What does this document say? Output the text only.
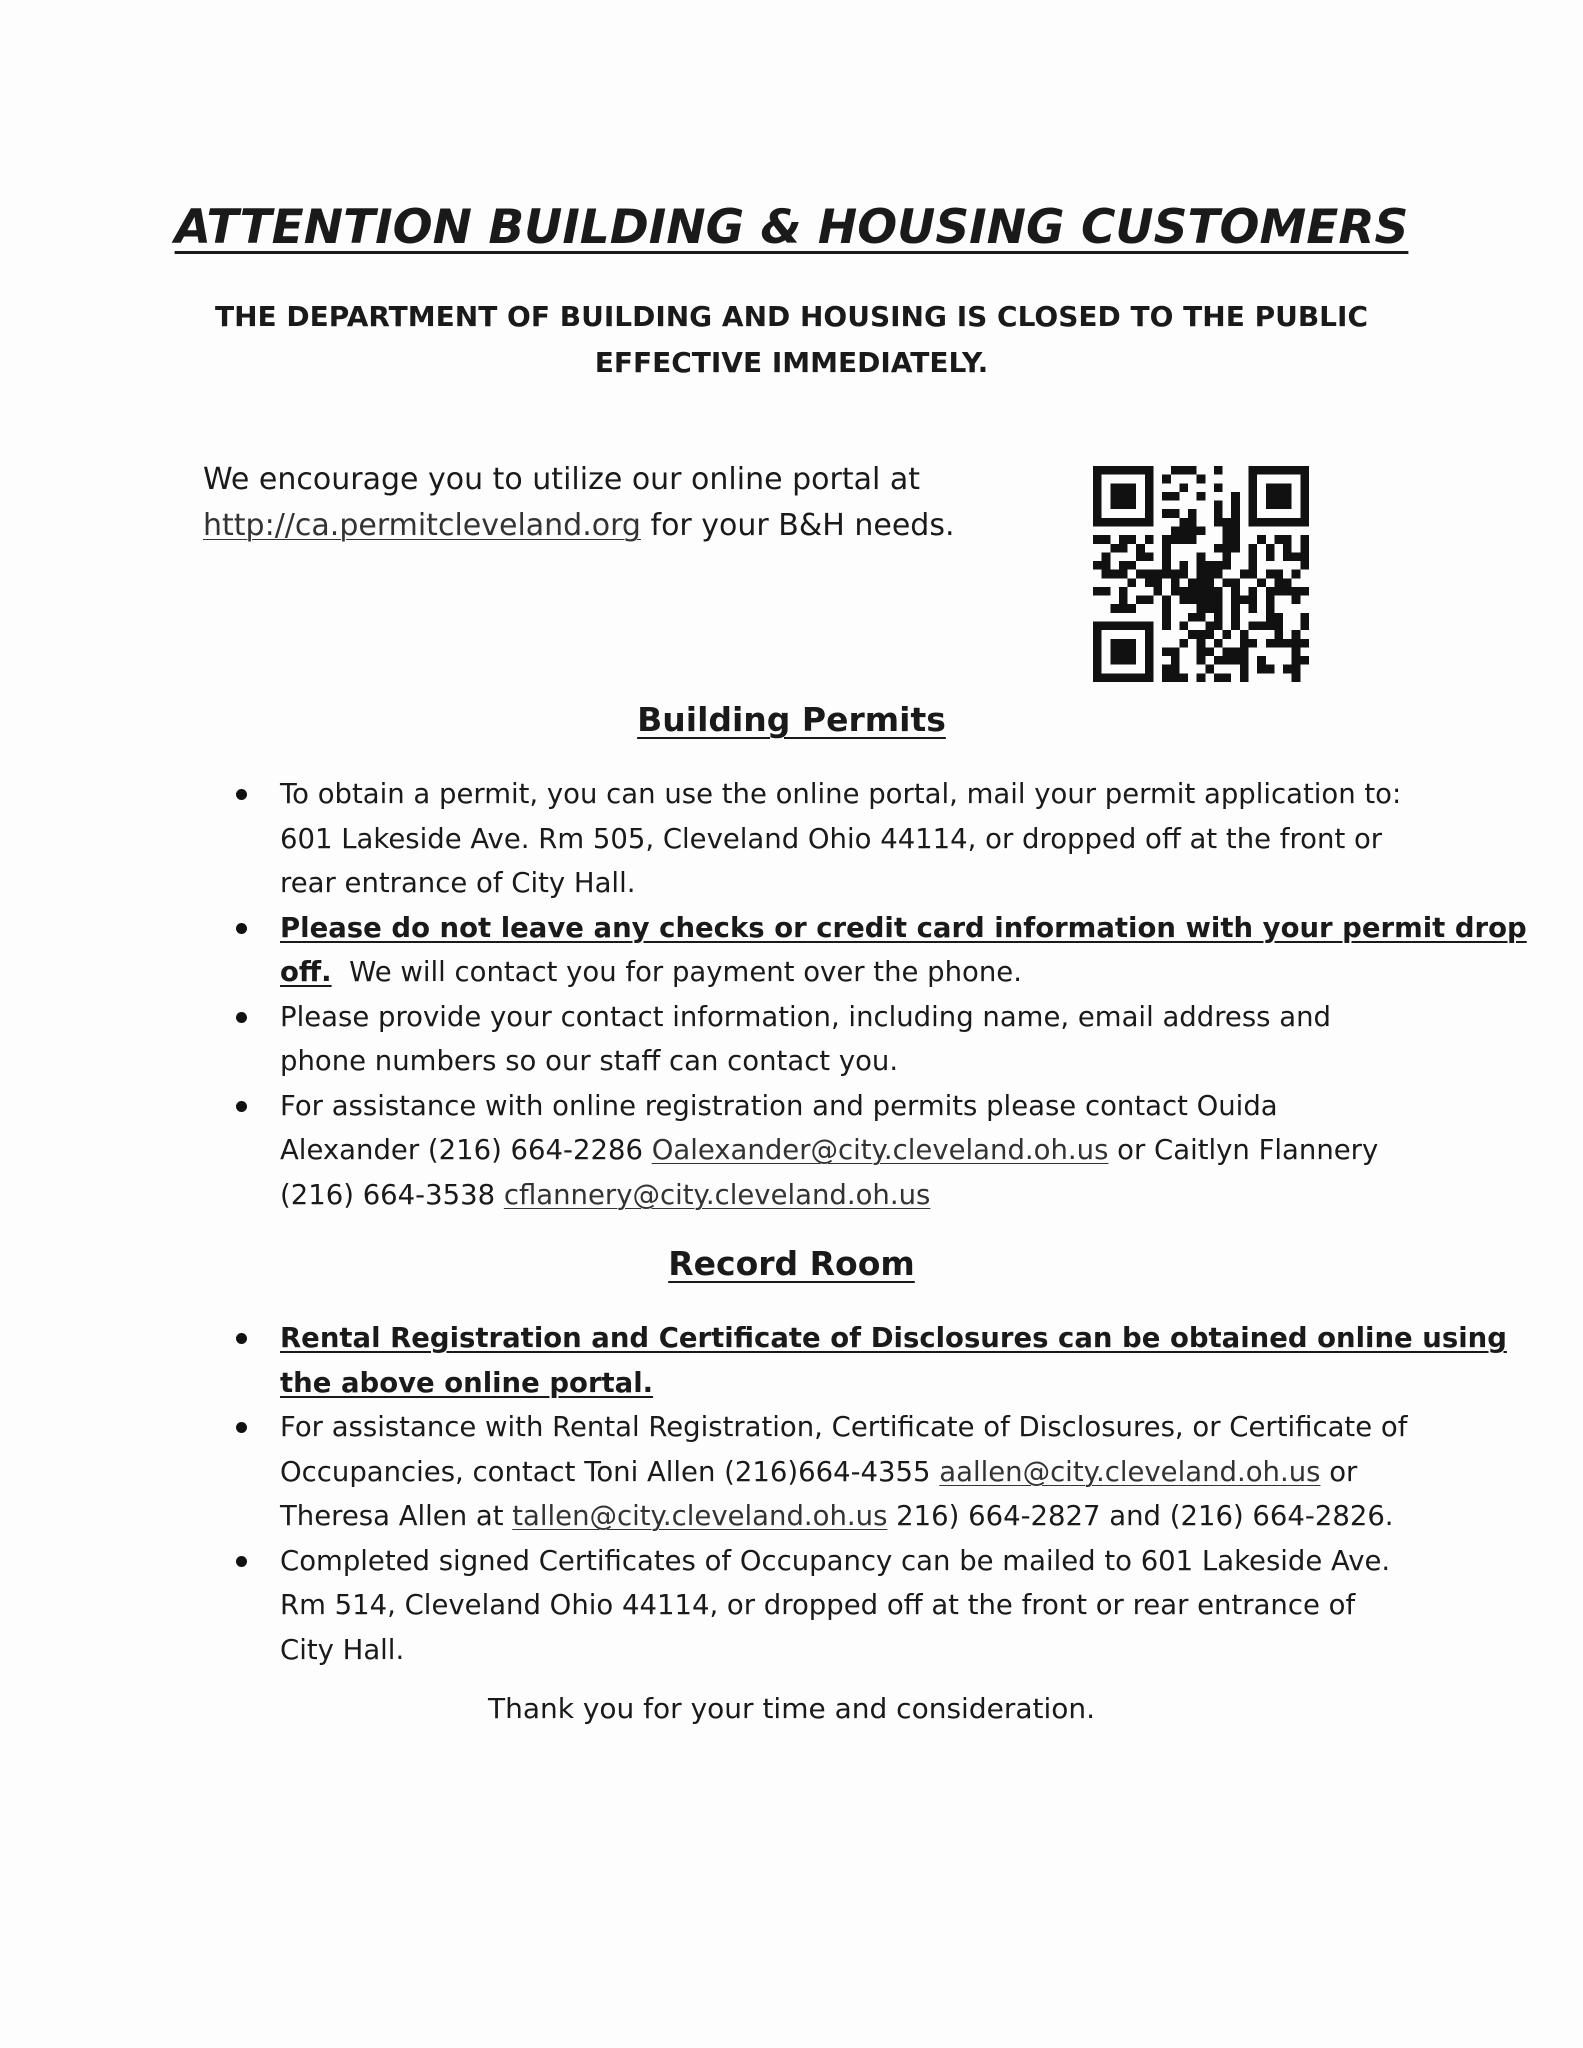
ATTENTION BUILDING & HOUSING CUSTOMERS
THE DEPARTMENT OF BUILDING AND HOUSING IS CLOSED TO THE PUBLIC
EFFECTIVE IMMEDIATELY.
We encourage you to utilize our online portal at
http://ca.permitcleveland.org for your B&H needs.
Building Permits
To obtain a permit, you can use the online portal, mail your permit application to:
601 Lakeside Ave. Rm 505, Cleveland Ohio 44114, or dropped off at the front or
rear entrance of City Hall.
Please do not leave any checks or credit card information with your permit drop
off.  We will contact you for payment over the phone.
Please provide your contact information, including name, email address and
phone numbers so our staff can contact you.
For assistance with online registration and permits please contact Ouida
Alexander (216) 664-2286 Oalexander@city.cleveland.oh.us or Caitlyn Flannery
(216) 664-3538 cflannery@city.cleveland.oh.us
Record Room
Rental Registration and Certificate of Disclosures can be obtained online using
the above online portal.
For assistance with Rental Registration, Certificate of Disclosures, or Certificate of
Occupancies, contact Toni Allen (216)664-4355 aallen@city.cleveland.oh.us or
Theresa Allen at tallen@city.cleveland.oh.us 216) 664-2827 and (216) 664-2826.
Completed signed Certificates of Occupancy can be mailed to 601 Lakeside Ave.
Rm 514, Cleveland Ohio 44114, or dropped off at the front or rear entrance of
City Hall.
Thank you for your time and consideration.
